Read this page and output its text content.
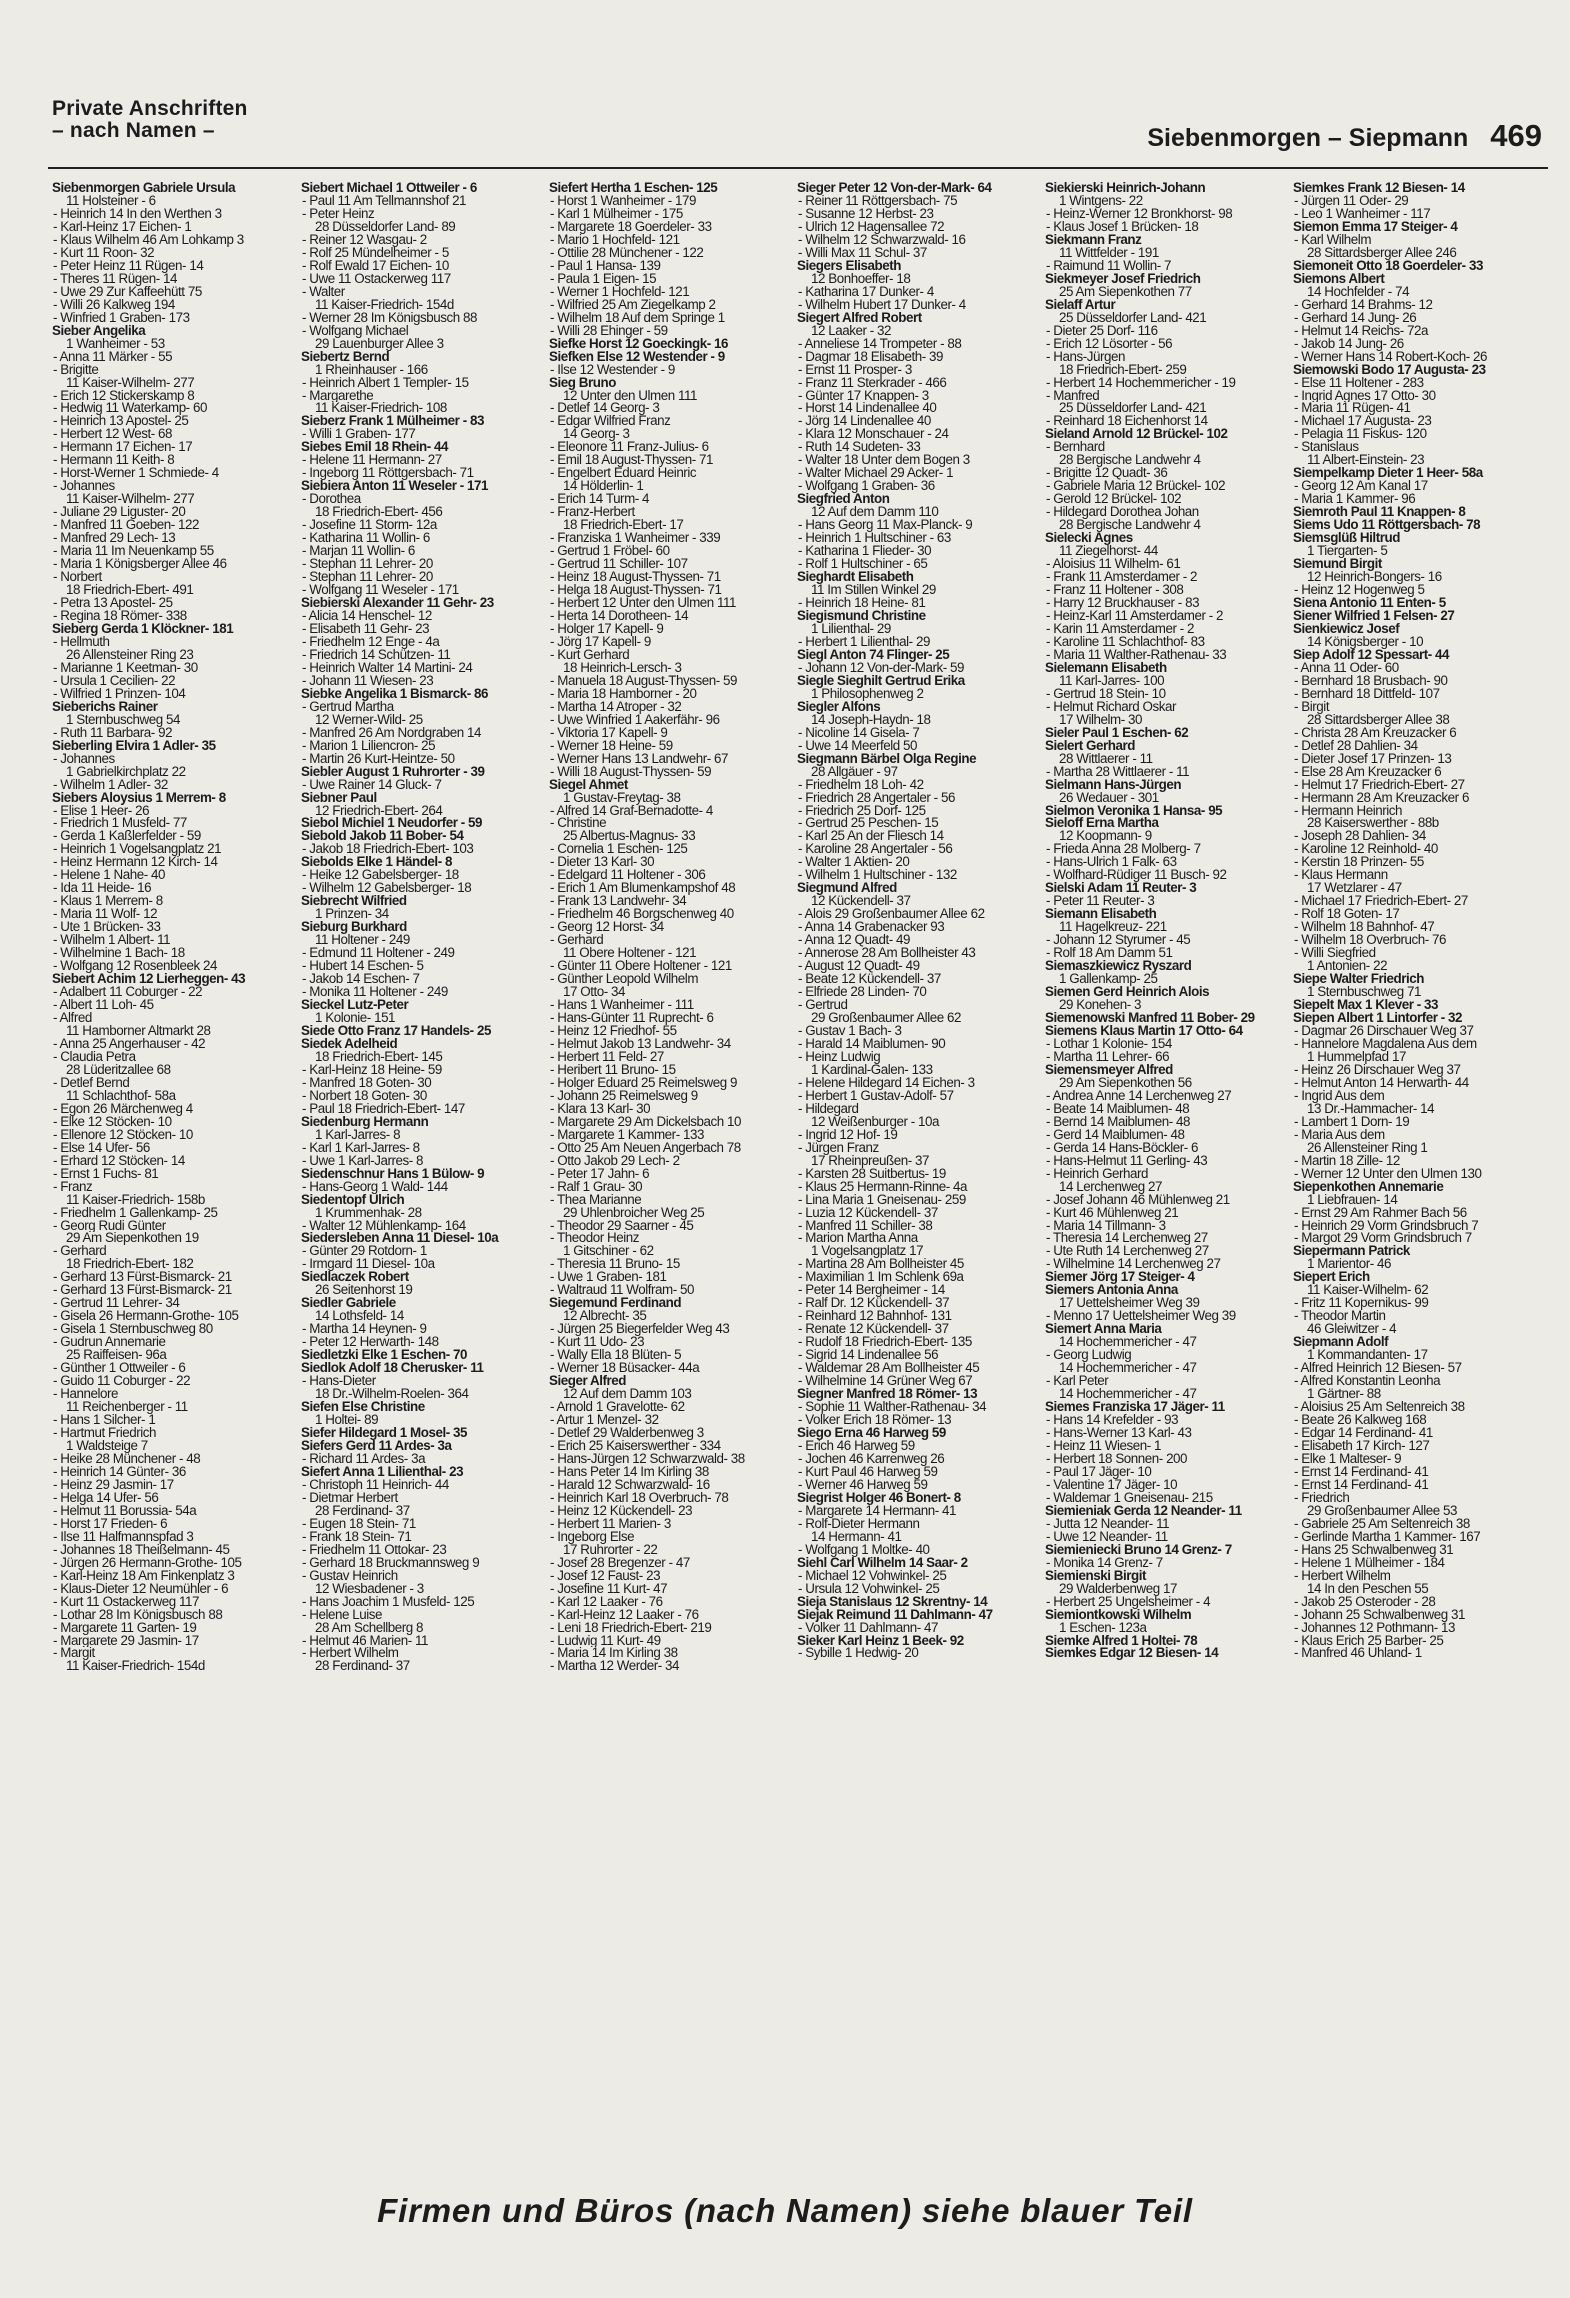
Private Anschriften
– nach Namen –	Siebenmorgen – Siepmann 469
Siebenmorgen Gabriele Ursula
11 Holsteiner - 6
- Heinrich 14 In den Werthen 3
- Karl-Heinz 17 Eichen- 1
- Klaus Wilhelm 46 Am Lohkamp 3
- Kurt 11 Roon- 32
- Peter Heinz 11 Rügen- 14
- Theres 11 Rügen- 14
- Uwe 29 Zur Kaffeehütt 75
- Willi 26 Kalkweg 194
- Winfried 1 Graben- 173
Sieber Angelika
1 Wanheimer - 53
- Anna 11 Märker - 55
- Brigitte
11 Kaiser-Wilhelm- 277
- Erich 12 Stickerskamp 8
- Hedwig 11 Waterkamp- 60
- Heinrich 13 Apostel- 25
- Herbert 12 West- 68
- Hermann 17 Eichen- 17
- Hermann 11 Keith- 8
- Horst-Werner 1 Schmiede- 4
- Johannes
11 Kaiser-Wilhelm- 277
- Juliane 29 Liguster- 20
- Manfred 11 Goeben- 122
- Manfred 29 Lech- 13
- Maria 11 Im Neuenkamp 55
- Maria 1 Königsberger Allee 46
- Norbert
18 Friedrich-Ebert- 491
- Petra 13 Apostel- 25
- Regina 18 Römer- 338
Sieberg Gerda 1 Klöckner- 181
- Hellmuth
26 Allensteiner Ring 23
- Marianne 1 Keetman- 30
- Ursula 1 Cecilien- 22
- Wilfried 1 Prinzen- 104
Sieberichs Rainer
1 Sternbuschweg 54
- Ruth 11 Barbara- 92
Sieberling Elvira 1 Adler- 35
- Johannes
1 Gabrielkirchplatz 22
- Wilhelm 1 Adler- 32
Siebers Aloysius 1 Merrem- 8
- Elise 1 Heer- 26
- Friedrich 1 Musfeld- 77
- Gerda 1 Kaßlerfelder - 59
- Heinrich 1 Vogelsangplatz 21
- Heinz Hermann 12 Kirch- 14
- Helene 1 Nahe- 40
- Ida 11 Heide- 16
- Klaus 1 Merrem- 8
- Maria 11 Wolf- 12
- Ute 1 Brücken- 33
- Wilhelm 1 Albert- 11
- Wilhelmine 1 Bach- 18
- Wolfgang 12 Rosenbleek 24
Siebert Achim 12 Lierheggen- 43
- Adalbert 11 Coburger - 22
- Albert 11 Loh- 45
- Alfred
11 Hamborner Altmarkt 28
- Anna 25 Angerhauser - 42
- Claudia Petra
28 Lüderitzallee 68
- Detlef Bernd
11 Schlachthof- 58a
- Egon 26 Märchenweg 4
- Elke 12 Stöcken- 10
- Ellenore 12 Stöcken- 10
- Else 14 Ufer- 56
- Erhard 12 Stöcken- 14
- Ernst 1 Fuchs- 81
- Franz
11 Kaiser-Friedrich- 158b
- Friedhelm 1 Gallenkamp- 25
- Georg Rudi Günter
29 Am Siepenkothen 19
- Gerhard
18 Friedrich-Ebert- 182
- Gerhard 13 Fürst-Bismarck- 21
- Gerhard 13 Fürst-Bismarck- 21
- Gertrud 11 Lehrer- 34
- Gisela 26 Hermann-Grothe- 105
- Gisela 1 Sternbuschweg 80
- Gudrun Annemarie
25 Raiffeisen- 96a
- Günther 1 Ottweiler - 6
- Guido 11 Coburger - 22
- Hannelore
11 Reichenberger - 11
- Hans 1 Silcher- 1
- Hartmut Friedrich
1 Waldsteige 7
- Heike 28 Münchener - 48
- Heinrich 14 Günter- 36
- Heinz 29 Jasmin- 17
- Helga 14 Ufer- 56
- Helmut 11 Borussia- 54a
- Horst 17 Frieden- 6
- Ilse 11 Halfmannspfad 3
- Johannes 18 Theißelmann- 45
- Jürgen 26 Hermann-Grothe- 105
- Karl-Heinz 18 Am Finkenplatz 3
- Klaus-Dieter 12 Neumühler - 6
- Kurt 11 Ostackerweg 117
- Lothar 28 Im Königsbusch 88
- Margarete 11 Garten- 19
- Margarete 29 Jasmin- 17
- Margit
11 Kaiser-Friedrich- 154d
Siebert Michael 1 Ottweiler - 6
- Paul 11 Am Tellmannshof 21
- Peter Heinz
28 Düsseldorfer Land- 89
- Reiner 12 Wasgau- 2
- Rolf 25 Mündelheimer - 5
- Rolf Ewald 17 Eichen- 10
- Uwe 11 Ostackerweg 117
- Walter
11 Kaiser-Friedrich- 154d
- Werner 28 Im Königsbusch 88
- Wolfgang Michael
29 Lauenburger Allee 3
Siebertz Bernd
1 Rheinhauser - 166
- Heinrich Albert 1 Templer- 15
- Margarethe
11 Kaiser-Friedrich- 108
Sieberz Frank 1 Mülheimer - 83
- Willi 1 Graben- 177
Siebes Emil 18 Rhein- 44
- Helene 11 Hermann- 27
- Ingeborg 11 Röttgersbach- 71
Siebiera Anton 11 Weseler - 171
- Dorothea
18 Friedrich-Ebert- 456
- Josefine 11 Storm- 12a
- Katharina 11 Wollin- 6
- Marjan 11 Wollin- 6
- Stephan 11 Lehrer- 20
- Stephan 11 Lehrer- 20
- Wolfgang 11 Weseler - 171
Siebierski Alexander 11 Gehr- 23
- Alicia 14 Henschel- 12
- Elisabeth 11 Gehr- 23
- Friedhelm 12 Enge - 4a
- Friedrich 14 Schützen- 11
- Heinrich Walter 14 Martini- 24
- Johann 11 Wiesen- 23
Siebke Angelika 1 Bismarck- 86
- Gertrud Martha
12 Werner-Wild- 25
- Manfred 26 Am Nordgraben 14
- Marion 1 Liliencron- 25
- Martin 26 Kurt-Heintze- 50
Siebler August 1 Ruhrorter - 39
- Uwe Rainer 14 Gluck- 7
Siebner Paul
12 Friedrich-Ebert- 264
Siebol Michiel 1 Neudorfer - 59
Siebold Jakob 11 Bober- 54
- Jakob 18 Friedrich-Ebert- 103
Siebolds Elke 1 Händel- 8
- Heike 12 Gabelsberger- 18
- Wilhelm 12 Gabelsberger- 18
Siebrecht Wilfried
1 Prinzen- 34
Sieburg Burkhard
11 Holtener - 249
- Edmund 11 Holtener - 249
- Hubert 14 Eschen- 5
- Jakob 14 Eschen- 7
- Monika 11 Holtener - 249
Sieckel Lutz-Peter
1 Kolonie- 151
Siede Otto Franz 17 Handels- 25
Siedek Adelheid
18 Friedrich-Ebert- 145
- Karl-Heinz 18 Heine- 59
- Manfred 18 Goten- 30
- Norbert 18 Goten- 30
- Paul 18 Friedrich-Ebert- 147
Siedenburg Hermann
1 Karl-Jarres- 8
- Karl 1 Karl-Jarres- 8
- Uwe 1 Karl-Jarres- 8
Siedenschnur Hans 1 Bülow- 9
- Hans-Georg 1 Wald- 144
Siedentopf Ulrich
1 Krummenhak- 28
- Walter 12 Mühlenkamp- 164
Siedersleben Anna 11 Diesel- 10a
- Günter 29 Rotdorn- 1
- Irmgard 11 Diesel- 10a
Siedlaczek Robert
26 Seitenhorst 19
Siedler Gabriele
14 Lothsfeld- 14
- Martha 14 Heynen- 9
- Peter 12 Herwarth- 148
Siedletzki Elke 1 Eschen- 70
Siedlok Adolf 18 Cherusker- 11
- Hans-Dieter
18 Dr.-Wilhelm-Roelen- 364
Siefen Else Christine
1 Holtei- 89
Siefer Hildegard 1 Mosel- 35
Siefers Gerd 11 Ardes- 3a
- Richard 11 Ardes- 3a
Siefert Anna 1 Lilienthal- 23
- Christoph 11 Heinrich- 44
- Dietmar Herbert
28 Ferdinand- 37
- Eugen 18 Stein- 71
- Frank 18 Stein- 71
- Friedhelm 11 Ottokar- 23
- Gerhard 18 Bruckmannsweg 9
- Gustav Heinrich
12 Wiesbadener - 3
- Hans Joachim 1 Musfeld- 125
- Helene Luise
28 Am Schellberg 8
- Helmut 46 Marien- 11
- Herbert Wilhelm
28 Ferdinand- 37
Siefert Hertha 1 Eschen- 125
- Horst 1 Wanheimer - 179
- Karl 1 Mülheimer - 175
- Margarete 18 Goerdeler- 33
- Mario 1 Hochfeld- 121
- Ottilie 28 Münchener - 122
- Paul 1 Hansa- 139
- Paula 1 Eigen- 15
- Werner 1 Hochfeld- 121
- Wilfried 25 Am Ziegelkamp 2
- Wilhelm 18 Auf dem Springe 1
- Willi 28 Ehinger - 59
Siefke Horst 12 Goeckingk- 16
Siefken Else 12 Westender - 9
- Ilse 12 Westender - 9
Sieg Bruno
12 Unter den Ulmen 111
- Detlef 14 Georg- 3
- Edgar Wilfried Franz
14 Georg- 3
- Eleonore 11 Franz-Julius- 6
- Emil 18 August-Thyssen- 71
- Engelbert Eduard Heinric
14 Hölderlin- 1
- Erich 14 Turm- 4
- Franz-Herbert
18 Friedrich-Ebert- 17
- Franziska 1 Wanheimer - 339
- Gertrud 1 Fröbel- 60
- Gertrud 11 Schiller- 107
- Heinz 18 August-Thyssen- 71
- Helga 18 August-Thyssen- 71
- Herbert 12 Unter den Ulmen 111
- Herta 14 Dorotheen- 14
- Holger 17 Kapell- 9
- Jörg 17 Kapell- 9
- Kurt Gerhard
18 Heinrich-Lersch- 3
- Manuela 18 August-Thyssen- 59
- Maria 18 Hamborner - 20
- Martha 14 Atroper - 32
- Uwe Winfried 1 Aakerfähr- 96
- Viktoria 17 Kapell- 9
- Werner 18 Heine- 59
- Werner Hans 13 Landwehr- 67
- Willi 18 August-Thyssen- 59
Siegel Ahmet
1 Gustav-Freytag- 38
- Alfred 14 Graf-Bernadotte- 4
- Christine
25 Albertus-Magnus- 33
- Cornelia 1 Eschen- 125
- Dieter 13 Karl- 30
- Edelgard 11 Holtener - 306
- Erich 1 Am Blumenkampshof 48
- Frank 13 Landwehr- 34
- Friedhelm 46 Borgschenweg 40
- Georg 12 Horst- 34
- Gerhard
11 Obere Holtener - 121
- Günter 11 Obere Holtener - 121
- Günther Leopold Wilhelm
17 Otto- 34
- Hans 1 Wanheimer - 111
- Hans-Günter 11 Ruprecht- 6
- Heinz 12 Friedhof- 55
- Helmut Jakob 13 Landwehr- 34
- Herbert 11 Feld- 27
- Heribert 11 Bruno- 15
- Holger Eduard 25 Reimelsweg 9
- Johann 25 Reimelsweg 9
- Klara 13 Karl- 30
- Margarete 29 Am Dickelsbach 10
- Margarete 1 Kammer- 133
- Otto 25 Am Neuen Angerbach 78
- Otto Jakob 29 Lech- 2
- Peter 17 Jahn- 6
- Ralf 1 Grau- 30
- Thea Marianne
29 Uhlenbroicher Weg 25
- Theodor 29 Saarner - 45
- Theodor Heinz
1 Gitschiner - 62
- Theresia 11 Bruno- 15
- Uwe 1 Graben- 181
- Waltraud 11 Wolfram- 50
Siegemund Ferdinand
12 Albrecht- 35
- Jürgen 25 Biegerfelder Weg 43
- Kurt 11 Udo- 23
- Wally Ella 18 Blüten- 5
- Werner 18 Büsacker- 44a
Sieger Alfred
12 Auf dem Damm 103
- Arnold 1 Gravelotte- 62
- Artur 1 Menzel- 32
- Detlef 29 Walderbenweg 3
- Erich 25 Kaiserswerther - 334
- Hans-Jürgen 12 Schwarzwald- 38
- Hans Peter 14 Im Kirling 38
- Harald 12 Schwarzwald- 16
- Heinrich Karl 18 Overbruch- 78
- Heinz 12 Kückendell- 23
- Herbert 11 Marien- 3
- Ingeborg Else
17 Ruhrorter - 22
- Josef 28 Bregenzer - 47
- Josef 12 Faust- 23
- Josefine 11 Kurt- 47
- Karl 12 Laaker - 76
- Karl-Heinz 12 Laaker - 76
- Leni 18 Friedrich-Ebert- 219
- Ludwig 11 Kurt- 49
- Maria 14 Im Kirling 38
- Martha 12 Werder- 34
Sieger Peter 12 Von-der-Mark- 64
- Reiner 11 Röttgersbach- 75
- Susanne 12 Herbst- 23
- Ulrich 12 Hagensallee 72
- Wilhelm 12 Schwarzwald- 16
- Willi Max 11 Schul- 37
Siegers Elisabeth
12 Bonhoeffer- 18
- Katharina 17 Dunker- 4
- Wilhelm Hubert 17 Dunker- 4
Siegert Alfred Robert
12 Laaker - 32
- Anneliese 14 Trompeter - 88
- Dagmar 18 Elisabeth- 39
- Ernst 11 Prosper- 3
- Franz 11 Sterkrader - 466
- Günter 17 Knappen- 3
- Horst 14 Lindenallee 40
- Jörg 14 Lindenallee 40
- Klara 12 Monschauer - 24
- Ruth 14 Sudeten- 33
- Walter 18 Unter dem Bogen 3
- Walter Michael 29 Acker- 1
- Wolfgang 1 Graben- 36
Siegfried Anton
12 Auf dem Damm 110
- Hans Georg 11 Max-Planck- 9
- Heinrich 1 Hultschiner - 63
- Katharina 1 Flieder- 30
- Rolf 1 Hultschiner - 65
Sieghardt Elisabeth
11 Im Stillen Winkel 29
- Heinrich 18 Heine- 81
Siegismund Christine
1 Lilienthal- 29
- Herbert 1 Lilienthal- 29
Siegl Anton 74 Flinger- 25
- Johann 12 Von-der-Mark- 59
Siegle Sieghilt Gertrud Erika
1 Philosophenweg 2
Siegler Alfons
14 Joseph-Haydn- 18
- Nicoline 14 Gisela- 7
- Uwe 14 Meerfeld 50
Siegmann Bärbel Olga Regine
28 Allgäuer - 97
- Friedhelm 18 Loh- 42
- Friedrich 28 Angertaler - 56
- Friedrich 25 Dorf- 125
- Gertrud 25 Peschen- 15
- Karl 25 An der Fliesch 14
- Karoline 28 Angertaler - 56
- Walter 1 Aktien- 20
- Wilhelm 1 Hultschiner - 132
Siegmund Alfred
12 Kückendell- 37
- Alois 29 Großenbaumer Allee 62
- Anna 14 Grabenacker 93
- Anna 12 Quadt- 49
- Annerose 28 Am Bollheister 43
- August 12 Quadt- 49
- Beate 12 Kückendell- 37
- Elfriede 28 Linden- 70
- Gertrud
29 Großenbaumer Allee 62
- Gustav 1 Bach- 3
- Harald 14 Maiblumen- 90
- Heinz Ludwig
1 Kardinal-Galen- 133
- Helene Hildegard 14 Eichen- 3
- Herbert 1 Gustav-Adolf- 57
- Hildegard
12 Weißenburger - 10a
- Ingrid 12 Hof- 19
- Jürgen Franz
17 Rheinpreußen- 37
- Karsten 28 Suitbertus- 19
- Klaus 25 Hermann-Rinne- 4a
- Lina Maria 1 Gneisenau- 259
- Luzia 12 Kückendell- 37
- Manfred 11 Schiller- 38
- Marion Martha Anna
1 Vogelsangplatz 17
- Martina 28 Am Bollheister 45
- Maximilian 1 Im Schlenk 69a
- Peter 14 Bergheimer - 14
- Ralf Dr. 12 Kückendell- 37
- Reinhard 12 Bahnhof- 131
- Renate 12 Kückendell- 37
- Rudolf 18 Friedrich-Ebert- 135
- Sigrid 14 Lindenallee 56
- Waldemar 28 Am Bollheister 45
- Wilhelmine 14 Grüner Weg 67
Siegner Manfred 18 Römer- 13
- Sophie 11 Walther-Rathenau- 34
- Volker Erich 18 Römer- 13
Siego Erna 46 Harweg 59
- Erich 46 Harweg 59
- Jochen 46 Karrenweg 26
- Kurt Paul 46 Harweg 59
- Werner 46 Harweg 59
Siegrist Holger 46 Bonert- 8
- Margarete 14 Hermann- 41
- Rolf-Dieter Hermann
14 Hermann- 41
- Wolfgang 1 Moltke- 40
Siehl Carl Wilhelm 14 Saar- 2
- Michael 12 Vohwinkel- 25
- Ursula 12 Vohwinkel- 25
Sieja Stanislaus 12 Skrentny- 14
Siejak Reimund 11 Dahlmann- 47
- Volker 11 Dahlmann- 47
Sieker Karl Heinz 1 Beek- 92
- Sybille 1 Hedwig- 20
Siekierski Heinrich-Johann
1 Wintgens- 22
- Heinz-Werner 12 Bronkhorst- 98
- Klaus Josef 1 Brücken- 18
Siekmann Franz
11 Wittfelder - 191
- Raimund 11 Wollin- 7
Siekmeyer Josef Friedrich
25 Am Siepenkothen 77
Sielaff Artur
25 Düsseldorfer Land- 421
- Dieter 25 Dorf- 116
- Erich 12 Lösorter - 56
- Hans-Jürgen
18 Friedrich-Ebert- 259
- Herbert 14 Hochemmericher - 19
- Manfred
25 Düsseldorfer Land- 421
- Reinhard 18 Eichenhorst 14
Sieland Arnold 12 Brückel- 102
- Bernhard
28 Bergische Landwehr 4
- Brigitte 12 Quadt- 36
- Gabriele Maria 12 Brückel- 102
- Gerold 12 Brückel- 102
- Hildegard Dorothea Johan
28 Bergische Landwehr 4
Sielecki Agnes
11 Ziegelhorst- 44
- Aloisius 11 Wilhelm- 61
- Frank 11 Amsterdamer - 2
- Franz 11 Holtener - 308
- Harry 12 Bruckhauser - 83
- Heinz-Karl 11 Amsterdamer - 2
- Karin 11 Amsterdamer - 2
- Karoline 11 Schlachthof- 83
- Maria 11 Walther-Rathenau- 33
Sielemann Elisabeth
11 Karl-Jarres- 100
- Gertrud 18 Stein- 10
- Helmut Richard Oskar
17 Wilhelm- 30
Sieler Paul 1 Eschen- 62
Sielert Gerhard
28 Wittlaerer - 11
- Martha 28 Wittlaerer - 11
Sielmann Hans-Jürgen
26 Wedauer - 301
Sielmon Veronika 1 Hansa- 95
Sieloff Erna Martha
12 Koopmann- 9
- Frieda Anna 28 Molberg- 7
- Hans-Ulrich 1 Falk- 63
- Wolfhard-Rüdiger 11 Busch- 92
Sielski Adam 11 Reuter- 3
- Peter 11 Reuter- 3
Siemann Elisabeth
11 Hagelkreuz- 221
- Johann 12 Styrumer - 45
- Rolf 18 Am Damm 51
Siemaszkiewicz Ryszard
1 Gallenkamp- 25
Siemen Gerd Heinrich Alois
29 Konehen- 3
Siemenowski Manfred 11 Bober- 29
Siemens Klaus Martin 17 Otto- 64
- Lothar 1 Kolonie- 154
- Martha 11 Lehrer- 66
Siemensmeyer Alfred
29 Am Siepenkothen 56
- Andrea Anne 14 Lerchenweg 27
- Beate 14 Maiblumen- 48
- Bernd 14 Maiblumen- 48
- Gerd 14 Maiblumen- 48
- Gerda 14 Hans-Böckler- 6
- Hans-Helmut 11 Gerling- 43
- Heinrich Gerhard
14 Lerchenweg 27
- Josef Johann 46 Mühlenweg 21
- Kurt 46 Mühlenweg 21
- Maria 14 Tillmann- 3
- Theresia 14 Lerchenweg 27
- Ute Ruth 14 Lerchenweg 27
- Wilhelmine 14 Lerchenweg 27
Siemer Jörg 17 Steiger- 4
Siemers Antonia Anna
17 Uettelsheimer Weg 39
- Menno 17 Uettelsheimer Weg 39
Siemert Anna Maria
14 Hochemmericher - 47
- Georg Ludwig
14 Hochemmericher - 47
- Karl Peter
14 Hochemmericher - 47
Siemes Franziska 17 Jäger- 11
- Hans 14 Krefelder - 93
- Hans-Werner 13 Karl- 43
- Heinz 11 Wiesen- 1
- Herbert 18 Sonnen- 200
- Paul 17 Jäger- 10
- Valentine 17 Jäger- 10
- Waldemar 1 Gneisenau- 215
Siemieniak Gerda 12 Neander- 11
- Jutta 12 Neander- 11
- Uwe 12 Neander- 11
Siemieniecki Bruno 14 Grenz- 7
- Monika 14 Grenz- 7
Siemienski Birgit
29 Walderbenweg 17
- Herbert 25 Ungelsheimer - 4
Siemiontkowski Wilhelm
1 Eschen- 123a
Siemke Alfred 1 Holtei- 78
Siemkes Edgar 12 Biesen- 14
Siemkes Frank 12 Biesen- 14
- Jürgen 11 Oder- 29
- Leo 1 Wanheimer - 117
Siemon Emma 17 Steiger- 4
- Karl Wilhelm
28 Sittardsberger Allee 246
Siemoneit Otto 18 Goerdeler- 33
Siemons Albert
14 Hochfelder - 74
- Gerhard 14 Brahms- 12
- Gerhard 14 Jung- 26
- Helmut 14 Reichs- 72a
- Jakob 14 Jung- 26
- Werner Hans 14 Robert-Koch- 26
Siemowski Bodo 17 Augusta- 23
- Else 11 Holtener - 283
- Ingrid Agnes 17 Otto- 30
- Maria 11 Rügen- 41
- Michael 17 Augusta- 23
- Pelagia 11 Fiskus- 120
- Stanislaus
11 Albert-Einstein- 23
Siempelkamp Dieter 1 Heer- 58a
- Georg 12 Am Kanal 17
- Maria 1 Kammer- 96
Siemroth Paul 11 Knappen- 8
Siems Udo 11 Röttgersbach- 78
Siemsglüß Hiltrud
1 Tiergarten- 5
Siemund Birgit
12 Heinrich-Bongers- 16
- Heinz 12 Hogenweg 5
Siena Antonio 11 Enten- 5
Siener Wilfried 1 Felsen- 27
Sienkiewicz Josef
14 Königsberger - 10
Siep Adolf 12 Spessart- 44
- Anna 11 Oder- 60
- Bernhard 18 Brusbach- 90
- Bernhard 18 Dittfeld- 107
- Birgit
28 Sittardsberger Allee 38
- Christa 28 Am Kreuzacker 6
- Detlef 28 Dahlien- 34
- Dieter Josef 17 Prinzen- 13
- Else 28 Am Kreuzacker 6
- Helmut 17 Friedrich-Ebert- 27
- Hermann 28 Am Kreuzacker 6
- Hermann Heinrich
28 Kaiserswerther - 88b
- Joseph 28 Dahlien- 34
- Karoline 12 Reinhold- 40
- Kerstin 18 Prinzen- 55
- Klaus Hermann
17 Wetzlarer - 47
- Michael 17 Friedrich-Ebert- 27
- Rolf 18 Goten- 17
- Wilhelm 18 Bahnhof- 47
- Wilhelm 18 Overbruch- 76
- Willi Siegfried
1 Antonien- 22
Siepe Walter Friedrich
1 Sternbuschweg 71
Siepelt Max 1 Klever - 33
Siepen Albert 1 Lintorfer - 32
- Dagmar 26 Dirschauer Weg 37
- Hannelore Magdalena Aus dem
1 Hummelpfad 17
- Heinz 26 Dirschauer Weg 37
- Helmut Anton 14 Herwarth- 44
- Ingrid Aus dem
13 Dr.-Hammacher- 14
- Lambert 1 Dorn- 19
- Maria Aus dem
26 Allensteiner Ring 1
- Martin 18 Zille- 12
- Werner 12 Unter den Ulmen 130
Siepenkothen Annemarie
1 Liebfrauen- 14
- Ernst 29 Am Rahmer Bach 56
- Heinrich 29 Vorm Grindsbruch 7
- Margot 29 Vorm Grindsbruch 7
Siepermann Patrick
1 Marientor- 46
Siepert Erich
11 Kaiser-Wilhelm- 62
- Fritz 11 Kopernikus- 99
- Theodor Martin
46 Gleiwitzer - 4
Siepmann Adolf
1 Kommandanten- 17
- Alfred Heinrich 12 Biesen- 57
- Alfred Konstantin Leonha
1 Gärtner- 88
- Aloisius 25 Am Seltenreich 38
- Beate 26 Kalkweg 168
- Edgar 14 Ferdinand- 41
- Elisabeth 17 Kirch- 127
- Elke 1 Malteser- 9
- Ernst 14 Ferdinand- 41
- Ernst 14 Ferdinand- 41
- Friedrich
29 Großenbaumer Allee 53
- Gabriele 25 Am Seltenreich 38
- Gerlinde Martha 1 Kammer- 167
- Hans 25 Schwalbenweg 31
- Helene 1 Mülheimer - 184
- Herbert Wilhelm
14 In den Peschen 55
- Jakob 25 Osteroder - 28
- Johann 25 Schwalbenweg 31
- Johannes 12 Pothmann- 13
- Klaus Erich 25 Barber- 25
- Manfred 46 Uhland- 1
Firmen und Büros (nach Namen) siehe blauer Teil
